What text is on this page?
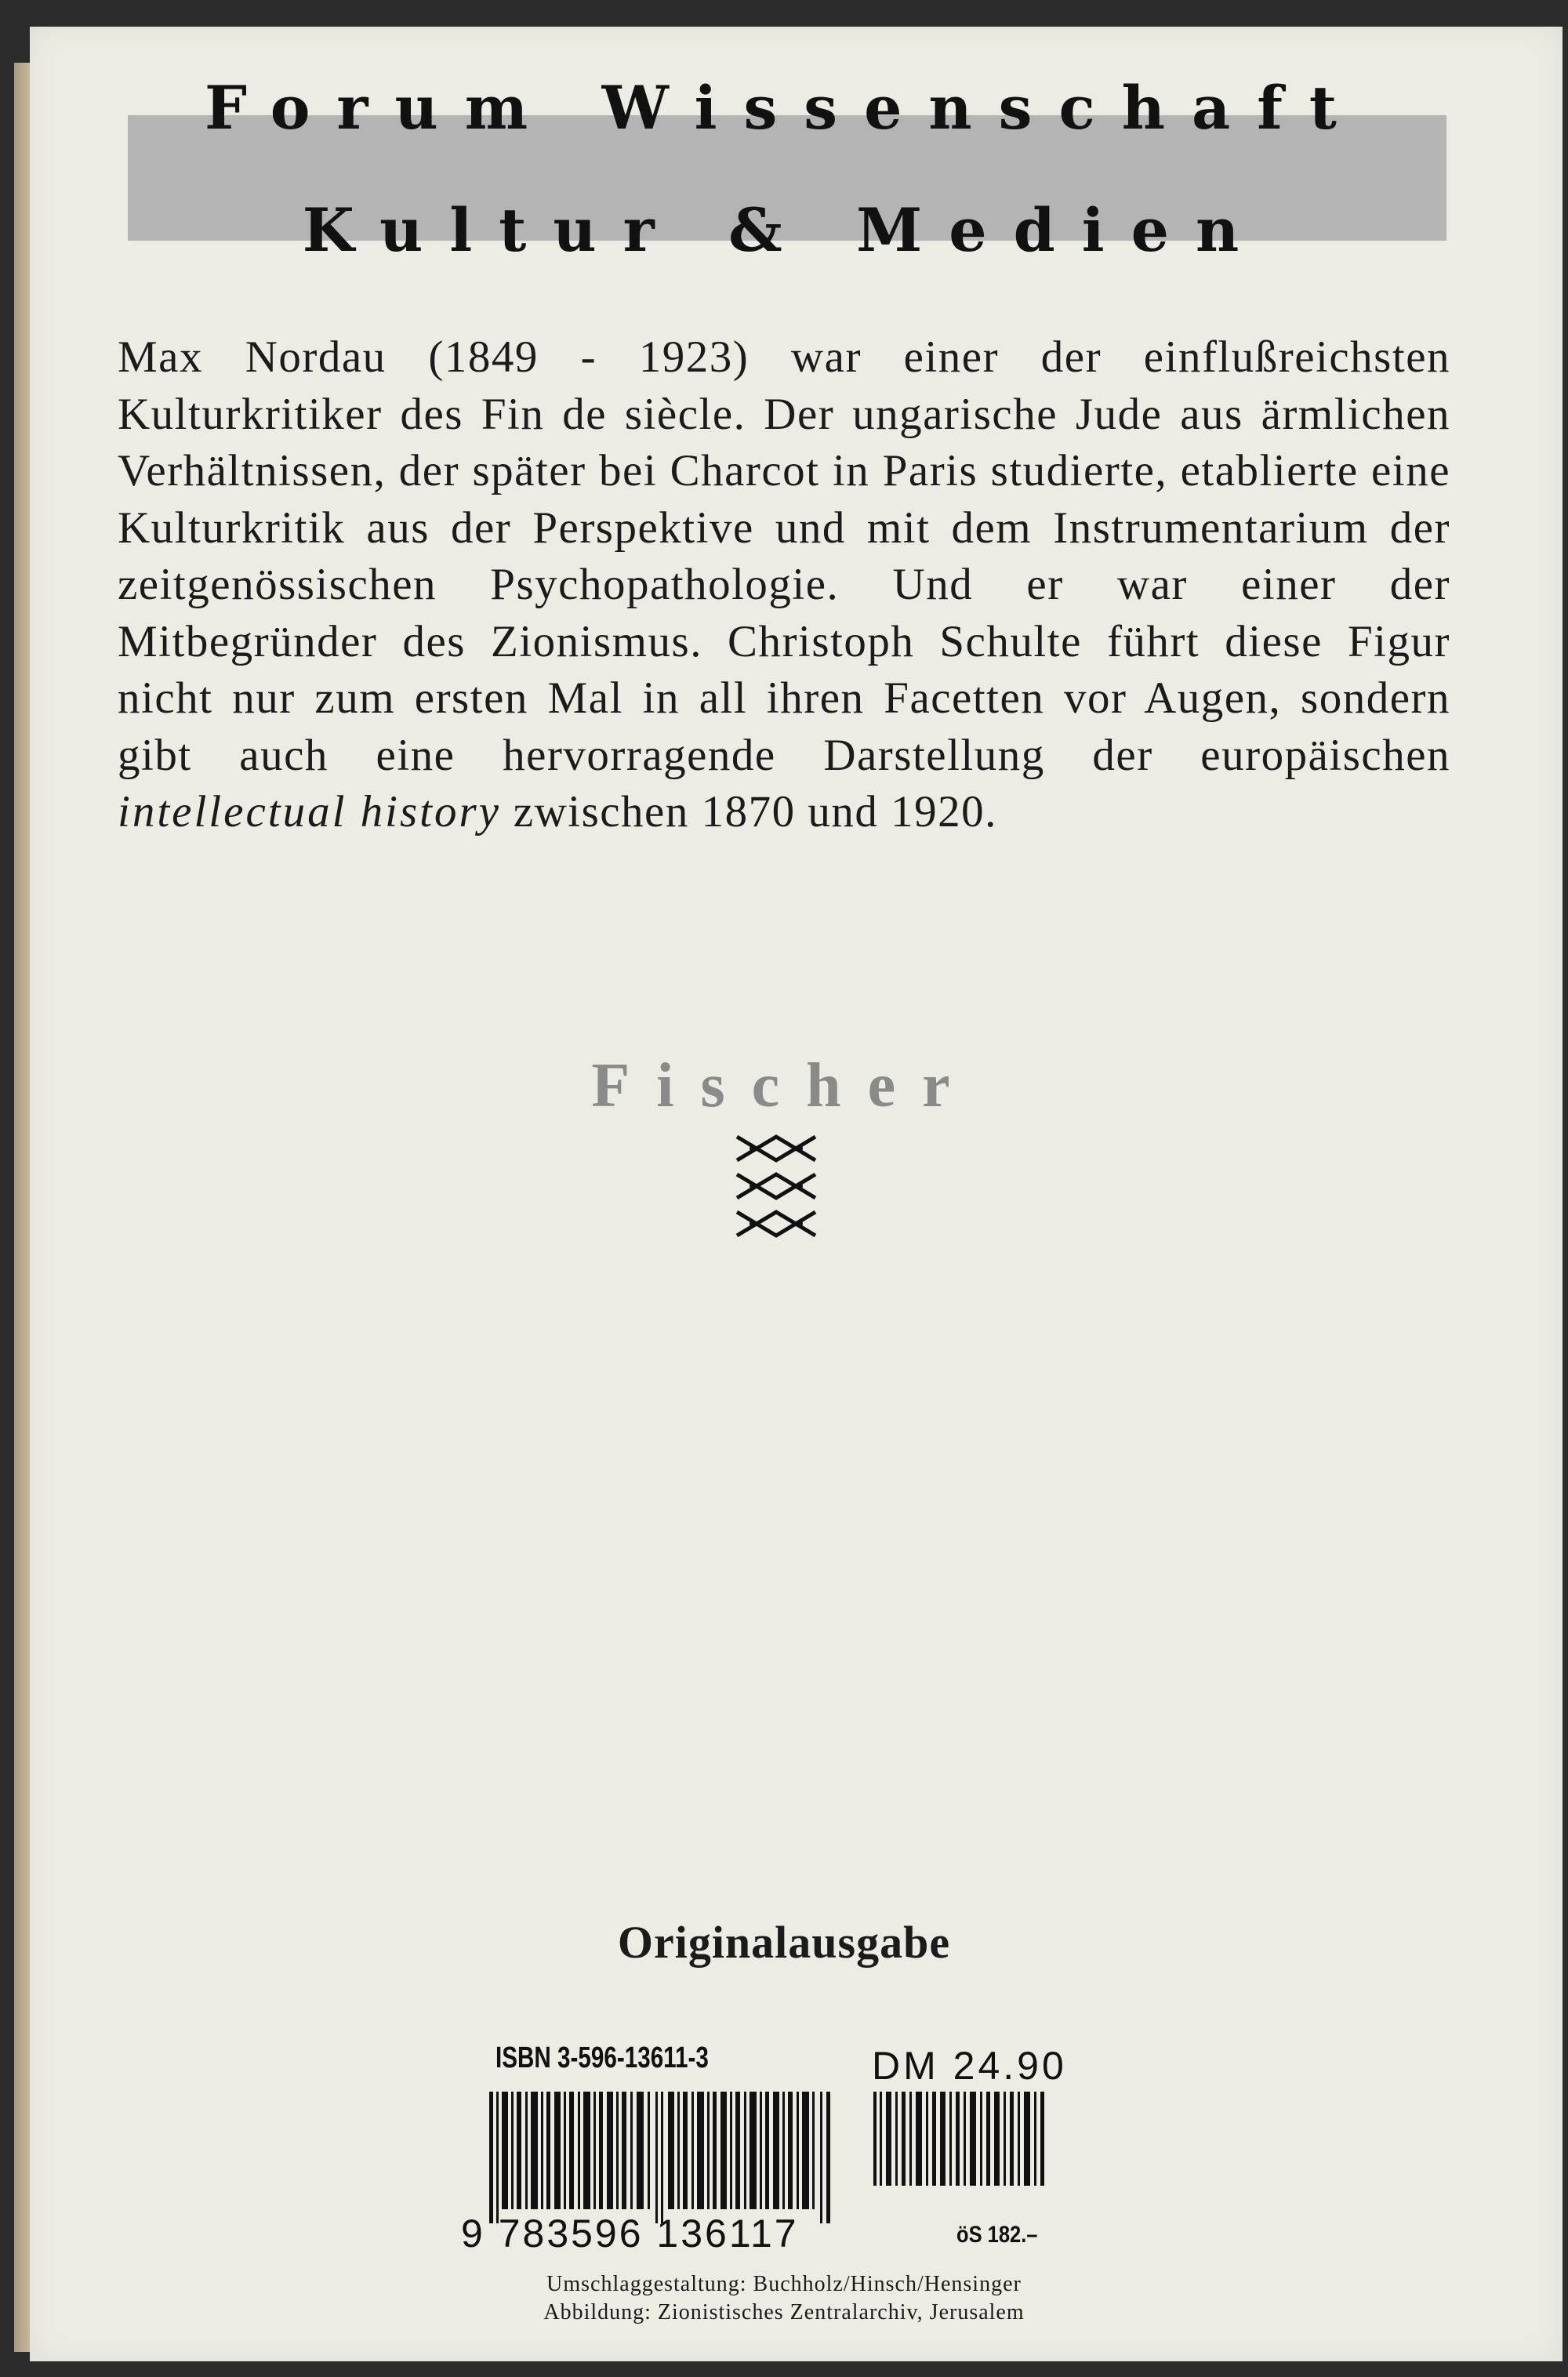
Forum Wissenschaft
Kultur & Medien
Max Nordau (1849 - 1923) war einer der einflußreichsten Kulturkritiker des Fin de siècle. Der ungarische Jude aus ärmlichen Verhältnissen, der später bei Charcot in Paris studierte, etablierte eine Kulturkritik aus der Perspektive und mit dem Instrumentarium der zeitgenössischen Psychopathologie. Und er war einer der Mitbegründer des Zionismus. Christoph Schulte führt diese Figur nicht nur zum ersten Mal in all ihren Facetten vor Augen, sondern gibt auch eine hervorragende Darstellung der europäischen intellectual history zwischen 1870 und 1920.
Fischer
Originalausgabe
ISBN 3-596-13611-3	DM 24.90
9 783596 136117	öS 182.–
Umschlaggestaltung: Buchholz/Hinsch/Hensinger
Abbildung: Zionistisches Zentralarchiv, Jerusalem
